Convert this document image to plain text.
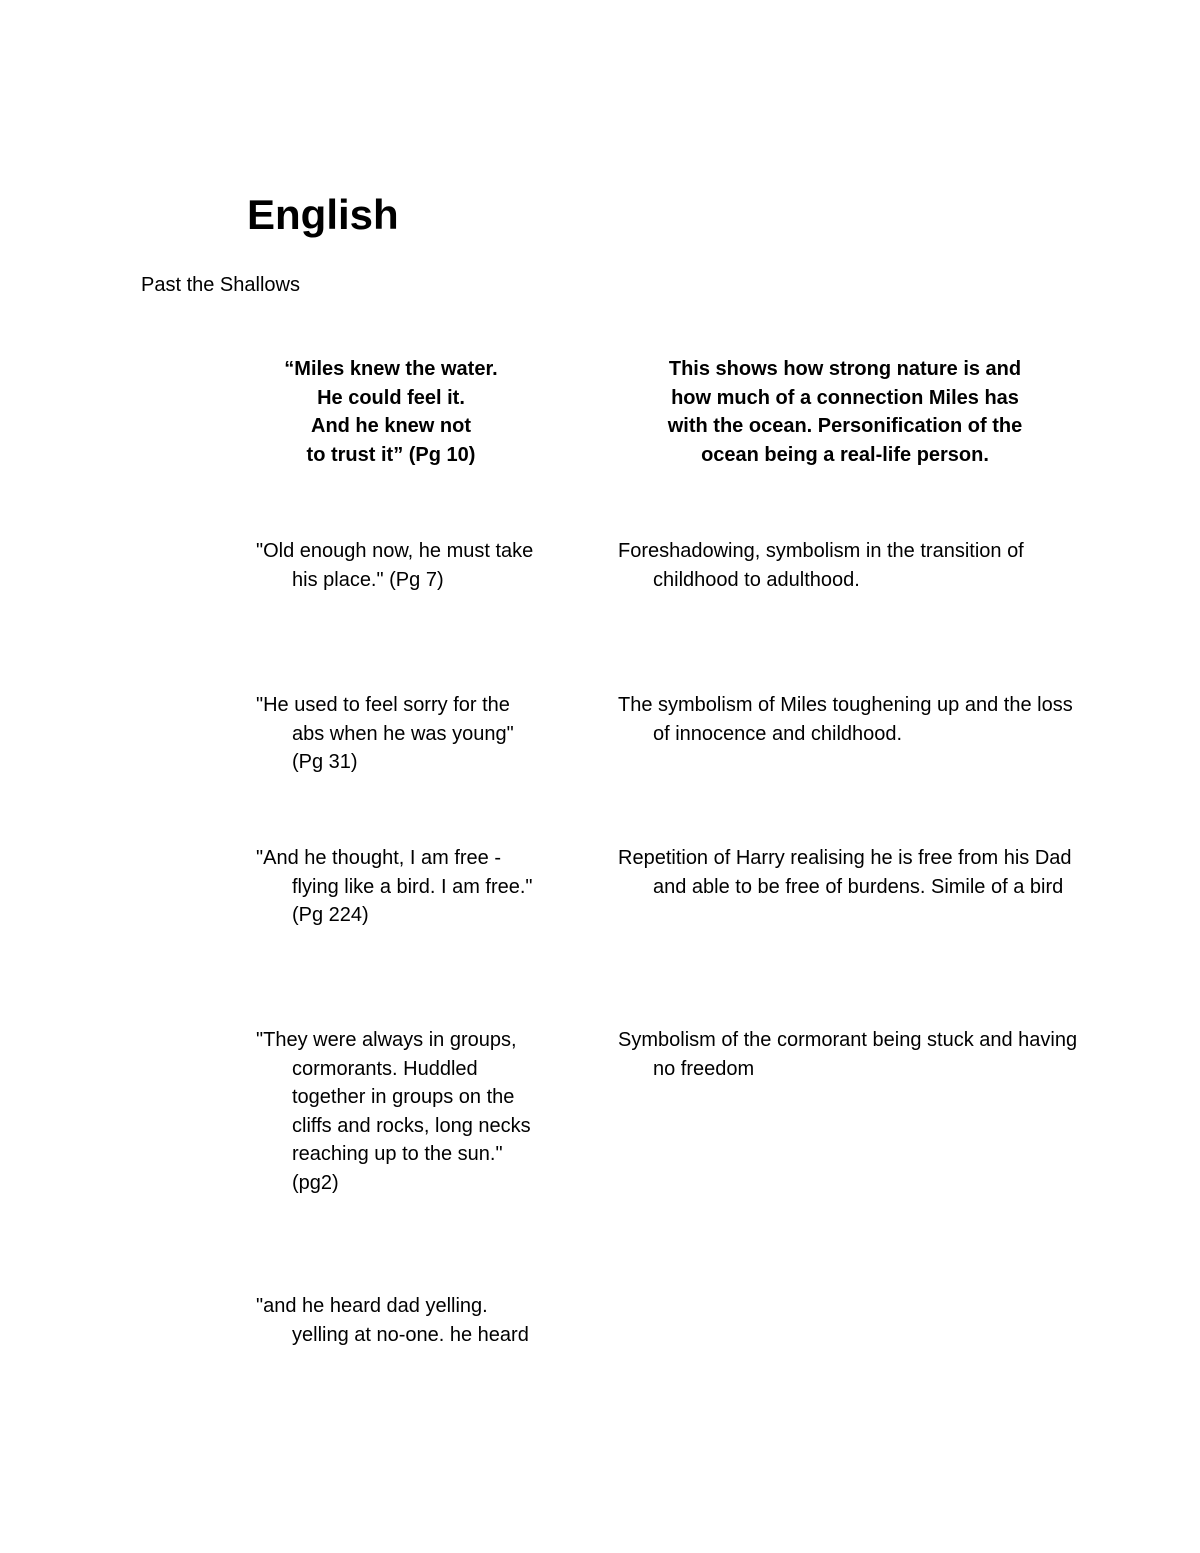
English

Past the Shallows

“Miles knew the water.
He could feel it.
And he knew not
to trust it” (Pg 10)
This shows how strong nature is and
how much of a connection Miles has
with the ocean. Personification of the
ocean being a real-life person.

"Old enough now, he must take his place." (Pg 7)

Foreshadowing, symbolism in the transition of childhood to adulthood.

"He used to feel sorry for the abs when he was young" (Pg 31)

The symbolism of Miles toughening up and the loss of innocence and childhood.

"And he thought, I am free - flying like a bird. I am free." (Pg 224)

Repetition of Harry realising he is free from his Dad and able to be free of burdens. Simile of a bird

"They were always in groups, cormorants. Huddled together in groups on the cliffs and rocks, long necks reaching up to the sun." (pg2)

Symbolism of the cormorant being stuck and having no freedom

"and he heard dad yelling. yelling at no-one. he heard
